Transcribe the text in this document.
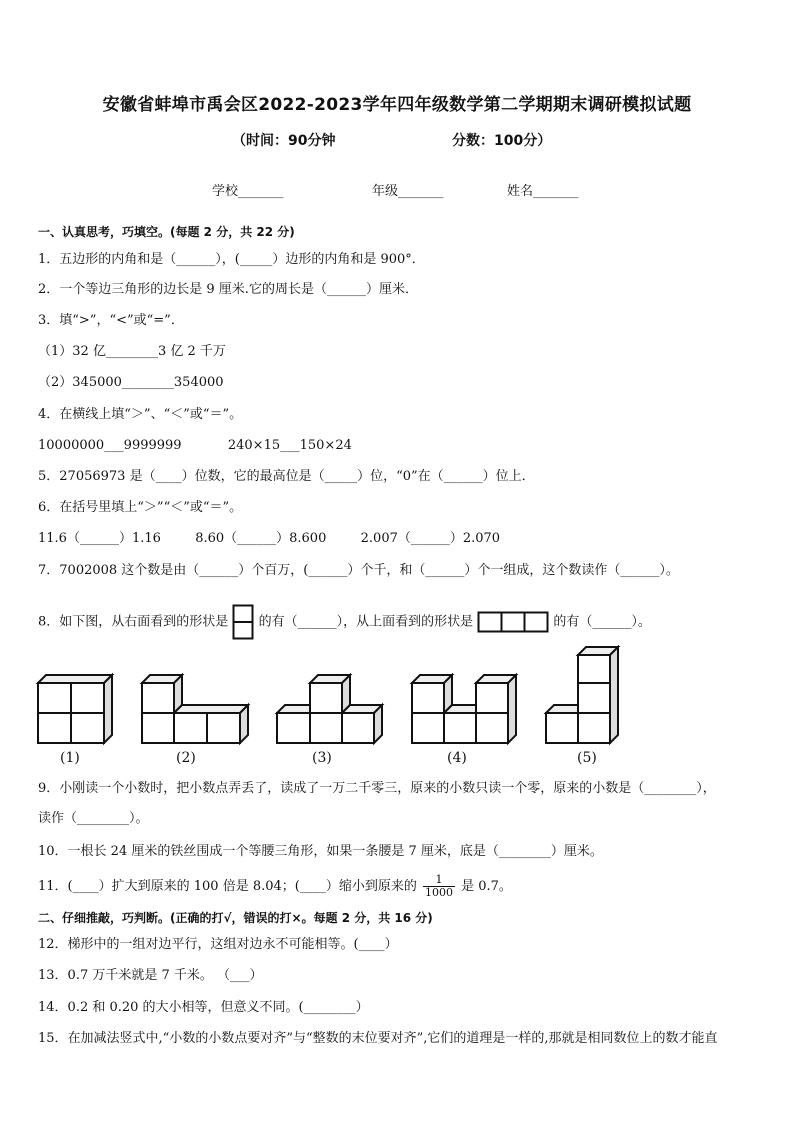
安徽省蚌埠市禹会区2022-2023学年四年级数学第二学期期末调研模拟试题
（时间：90分钟	分数：100分）
学校_______	年级_______	姓名_______
一、认真思考，巧填空。(每题 2 分，共 22 分)
1．五边形的内角和是（______），(_____）边形的内角和是 900°．
2．一个等边三角形的边长是 9 厘米.它的周长是（______）厘米．
3．填“>”，“<”或“=”．
（1）32 亿________3 亿 2 千万
（2）345000________354000
4．在横线上填“＞”、“＜”或“＝”。
10000000___9999999	240×15___150×24
5．27056973 是（____）位数，它的最高位是（_____）位，“0”在（______）位上．
6．在括号里填上“＞”“＜”或“＝”。
11.6（______）1.16	8.60（______）8.600	2.007（______）2.070
7．7002008 这个数是由（______）个百万，(______）个千，和（______）个一组成，这个数读作（______）。
8．如下图，从右面看到的形状是 的有（______），从上面看到的形状是	的有（______）。
(1)	(2)	(3)	(4)	(5)
9．小刚读一个小数时，把小数点弄丢了，读成了一万二千零三，原来的小数只读一个零，原来的小数是（________），
读作（________）。
10．一根长 24 厘米的铁丝围成一个等腰三角形，如果一条腰是 7 厘米，底是（________）厘米。
11．(____）扩大到原来的 100 倍是 8.04；(____）缩小到原来的 $\frac{1}{1000}$ 是 0.7。
二、仔细推敲，巧判断。(正确的打√，错误的打×。每题 2 分，共 16 分)
12．梯形中的一组对边平行，这组对边永不可能相等。(____）
13．0.7 万千米就是 7 千米。 （___）
14．0.2 和 0.20 的大小相等，但意义不同。(________）
15．在加减法竖式中,“小数的小数点要对齐”与“整数的末位要对齐”,它们的道理是一样的,那就是相同数位上的数才能直
